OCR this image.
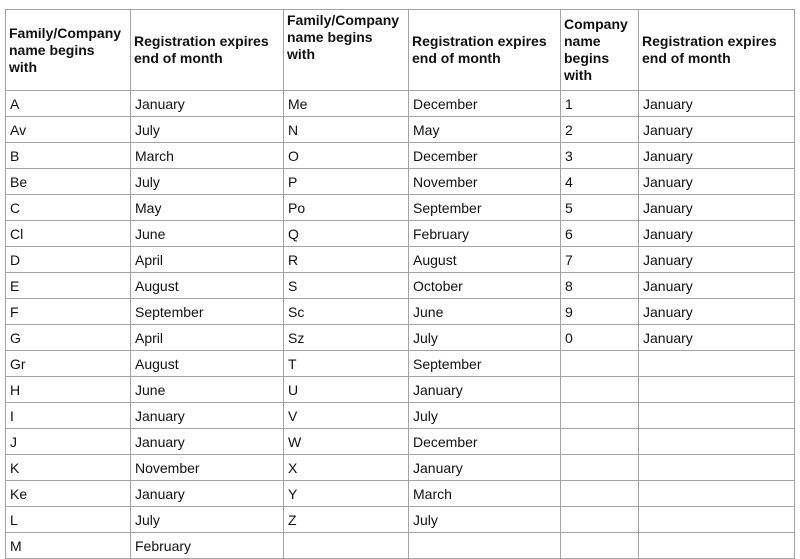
Family/Company name begins with	Registration expires end of month	Family/Company name begins with	Registration expires end of month	Company name begins with	Registration expires end of month
A	January	Me	December	1	January
Av	July	N	May	2	January
B	March	O	December	3	January
Be	July	P	November	4	January
C	May	Po	September	5	January
Cl	June	Q	February	6	January
D	April	R	August	7	January
E	August	S	October	8	January
F	September	Sc	June	9	January
G	April	Sz	July	0	January
Gr	August	T	September		
H	June	U	January		
I	January	V	July		
J	January	W	December		
K	November	X	January		
Ke	January	Y	March		
L	July	Z	July		
M	February				
